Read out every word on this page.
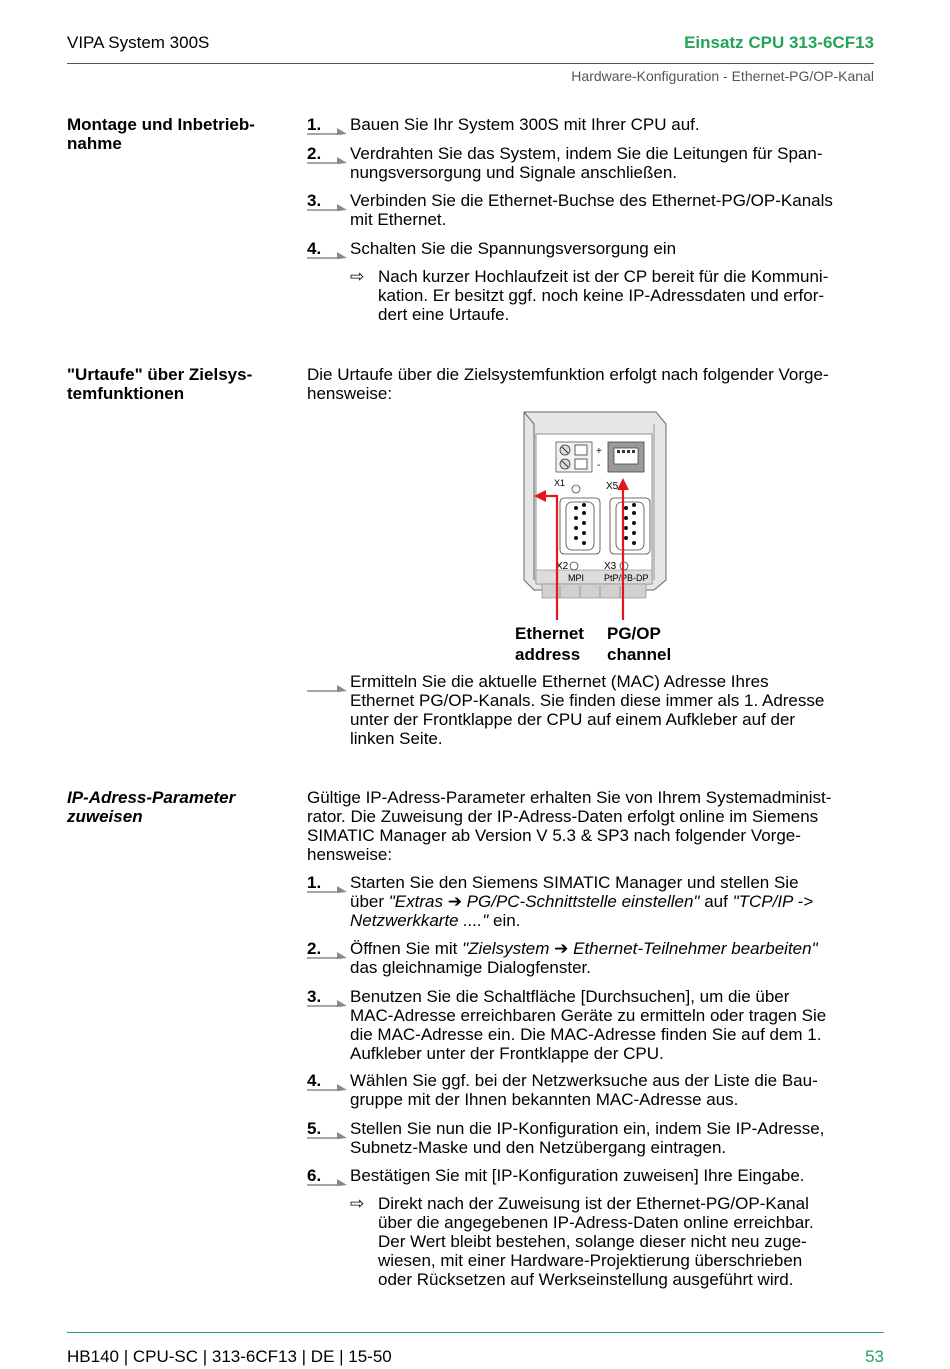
VIPA System 300S	Einsatz CPU 313-6CF13
Hardware-Konfiguration - Ethernet-PG/OP-Kanal
Montage und Inbetrieb-
nahme
1.	Bauen Sie Ihr System 300S mit Ihrer CPU auf.
2.	Verdrahten Sie das System, indem Sie die Leitungen für Span-
nungsversorgung und Signale anschließen.
3.	Verbinden Sie die Ethernet-Buchse des Ethernet-PG/OP-Kanals
mit Ethernet.
4.	Schalten Sie die Spannungsversorgung ein
⇨ Nach kurzer Hochlaufzeit ist der CP bereit für die Kommuni-
kation. Er besitzt ggf. noch keine IP-Adressdaten und erfor-
dert eine Urtaufe.
"Urtaufe" über Zielsys-
temfunktionen
Die Urtaufe über die Zielsystemfunktion erfolgt nach folgender Vorge-
hensweise:
+
-
X1	X5
X2	X3
MPI PtP/PB-DP
Ethernet
address
PG/OP
channel
Ermitteln Sie die aktuelle Ethernet (MAC) Adresse Ihres
Ethernet PG/OP-Kanals. Sie finden diese immer als 1. Adresse
unter der Frontklappe der CPU auf einem Aufkleber auf der
linken Seite.
IP-Adress-Parameter
zuweisen
Gültige IP-Adress-Parameter erhalten Sie von Ihrem Systemadminist-
rator. Die Zuweisung der IP-Adress-Daten erfolgt online im Siemens
SIMATIC Manager ab Version V 5.3 & SP3 nach folgender Vorge-
hensweise:
1.	Starten Sie den Siemens SIMATIC Manager und stellen Sie
über "Extras ➔ PG/PC-Schnittstelle einstellen" auf "TCP/IP ->
Netzwerkkarte ...." ein.
2.	Öffnen Sie mit "Zielsystem ➔ Ethernet-Teilnehmer bearbeiten"
das gleichnamige Dialogfenster.
3.	Benutzen Sie die Schaltfläche [Durchsuchen], um die über
MAC-Adresse erreichbaren Geräte zu ermitteln oder tragen Sie
die MAC-Adresse ein. Die MAC-Adresse finden Sie auf dem 1.
Aufkleber unter der Frontklappe der CPU.
4.	Wählen Sie ggf. bei der Netzwerksuche aus der Liste die Bau-
gruppe mit der Ihnen bekannten MAC-Adresse aus.
5.	Stellen Sie nun die IP-Konfiguration ein, indem Sie IP-Adresse,
Subnetz-Maske und den Netzübergang eintragen.
6.	Bestätigen Sie mit [IP-Konfiguration zuweisen] Ihre Eingabe.
⇨ Direkt nach der Zuweisung ist der Ethernet-PG/OP-Kanal
über die angegebenen IP-Adress-Daten online erreichbar.
Der Wert bleibt bestehen, solange dieser nicht neu zuge-
wiesen, mit einer Hardware-Projektierung überschrieben
oder Rücksetzen auf Werkseinstellung ausgeführt wird.
HB140 | CPU-SC | 313-6CF13 | DE | 15-50	53
